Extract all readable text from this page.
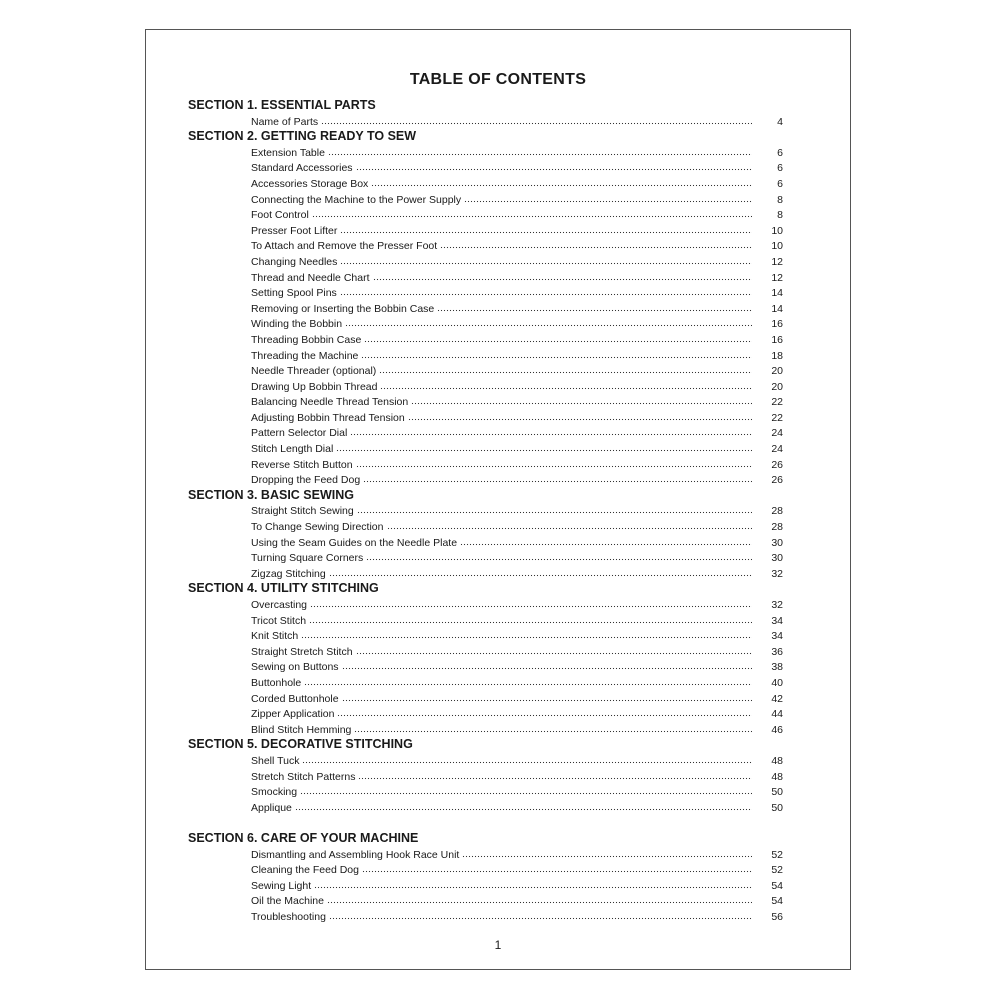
TABLE OF CONTENTS
SECTION 1. ESSENTIAL PARTS
Name of Parts	4
SECTION 2. GETTING READY TO SEW
Extension Table	6
Standard Accessories	6
Accessories Storage Box	6
Connecting the Machine to the Power Supply	8
Foot Control	8
Presser Foot Lifter	10
To Attach and Remove the Presser Foot	10
Changing Needles	12
Thread and Needle Chart	12
Setting Spool Pins	14
Removing or Inserting the Bobbin Case	14
Winding the Bobbin	16
Threading Bobbin Case	16
Threading the Machine	18
Needle Threader (optional)	20
Drawing Up Bobbin Thread	20
Balancing Needle Thread Tension	22
Adjusting Bobbin Thread Tension	22
Pattern Selector Dial	24
Stitch Length Dial	24
Reverse Stitch Button	26
Dropping the Feed Dog	26
SECTION 3. BASIC SEWING
Straight Stitch Sewing	28
To Change Sewing Direction	28
Using the Seam Guides on the Needle Plate	30
Turning Square Corners	30
Zigzag Stitching	32
SECTION 4. UTILITY STITCHING
Overcasting	32
Tricot Stitch	34
Knit Stitch	34
Straight Stretch Stitch	36
Sewing on Buttons	38
Buttonhole	40
Corded Buttonhole	42
Zipper Application	44
Blind Stitch Hemming	46
SECTION 5. DECORATIVE STITCHING
Shell Tuck	48
Stretch Stitch Patterns	48
Smocking	50
Applique	50
SECTION 6. CARE OF YOUR MACHINE
Dismantling and Assembling Hook Race Unit	52
Cleaning the Feed Dog	52
Sewing Light	54
Oil the Machine	54
Troubleshooting	56
1
